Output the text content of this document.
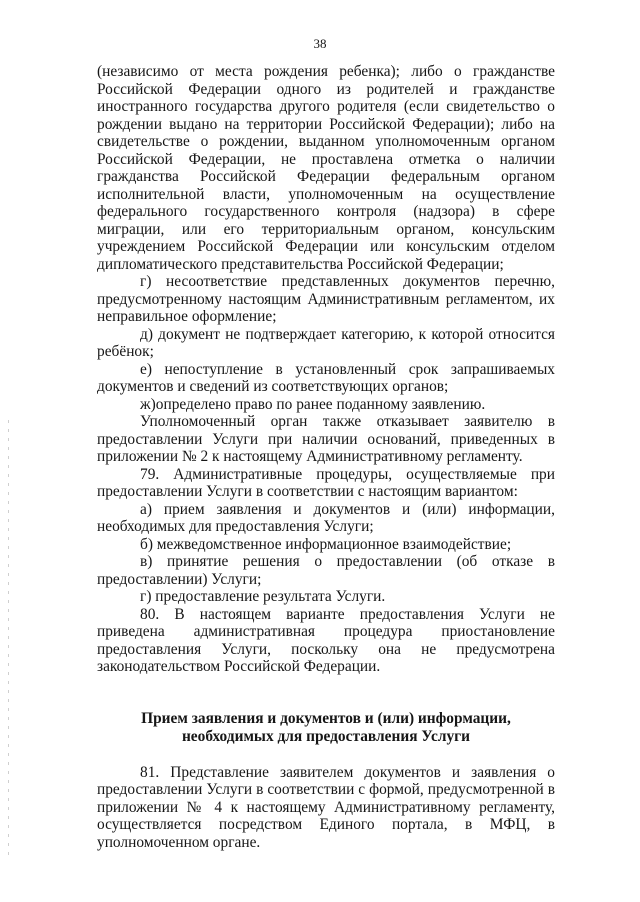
38

(независимо от места рождения ребенка); либо о гражданстве Российской Федерации одного из родителей и гражданстве иностранного государства другого родителя (если свидетельство о рождении выдано на территории Российской Федерации); либо на свидетельстве о рождении, выданном уполномоченным органом Российской Федерации, не проставлена отметка о наличии гражданства Российской Федерации федеральным органом исполнительной власти, уполномоченным на осуществление федерального государственного контроля (надзора) в сфере миграции, или его территориальным органом, консульским учреждением Российской Федерации или консульским отделом дипломатического представительства Российской Федерации;

г) несоответствие представленных документов перечню, предусмотренному настоящим Административным регламентом, их неправильное оформление;

д) документ не подтверждает категорию, к которой относится ребёнок;

е) непоступление в установленный срок запрашиваемых документов и сведений из соответствующих органов;

ж)определено право по ранее поданному заявлению.

Уполномоченный орган также отказывает заявителю в предоставлении Услуги при наличии оснований, приведенных в приложении № 2 к настоящему Административному регламенту.

79. Административные процедуры, осуществляемые при предоставлении Услуги в соответствии с настоящим вариантом:

а) прием заявления и документов и (или) информации, необходимых для предоставления Услуги;

б) межведомственное информационное взаимодействие;

в) принятие решения о предоставлении (об отказе в предоставлении) Услуги;

г) предоставление результата Услуги.

80. В настоящем варианте предоставления Услуги не приведена административная процедура приостановление предоставления Услуги, поскольку она не предусмотрена законодательством Российской Федерации.

Прием заявления и документов и (или) информации,
необходимых для предоставления Услуги

81. Представление заявителем документов и заявления о предоставлении Услуги в соответствии с формой, предусмотренной в приложении № 4 к настоящему Административному регламенту, осуществляется посредством Единого портала, в МФЦ, в уполномоченном органе.
